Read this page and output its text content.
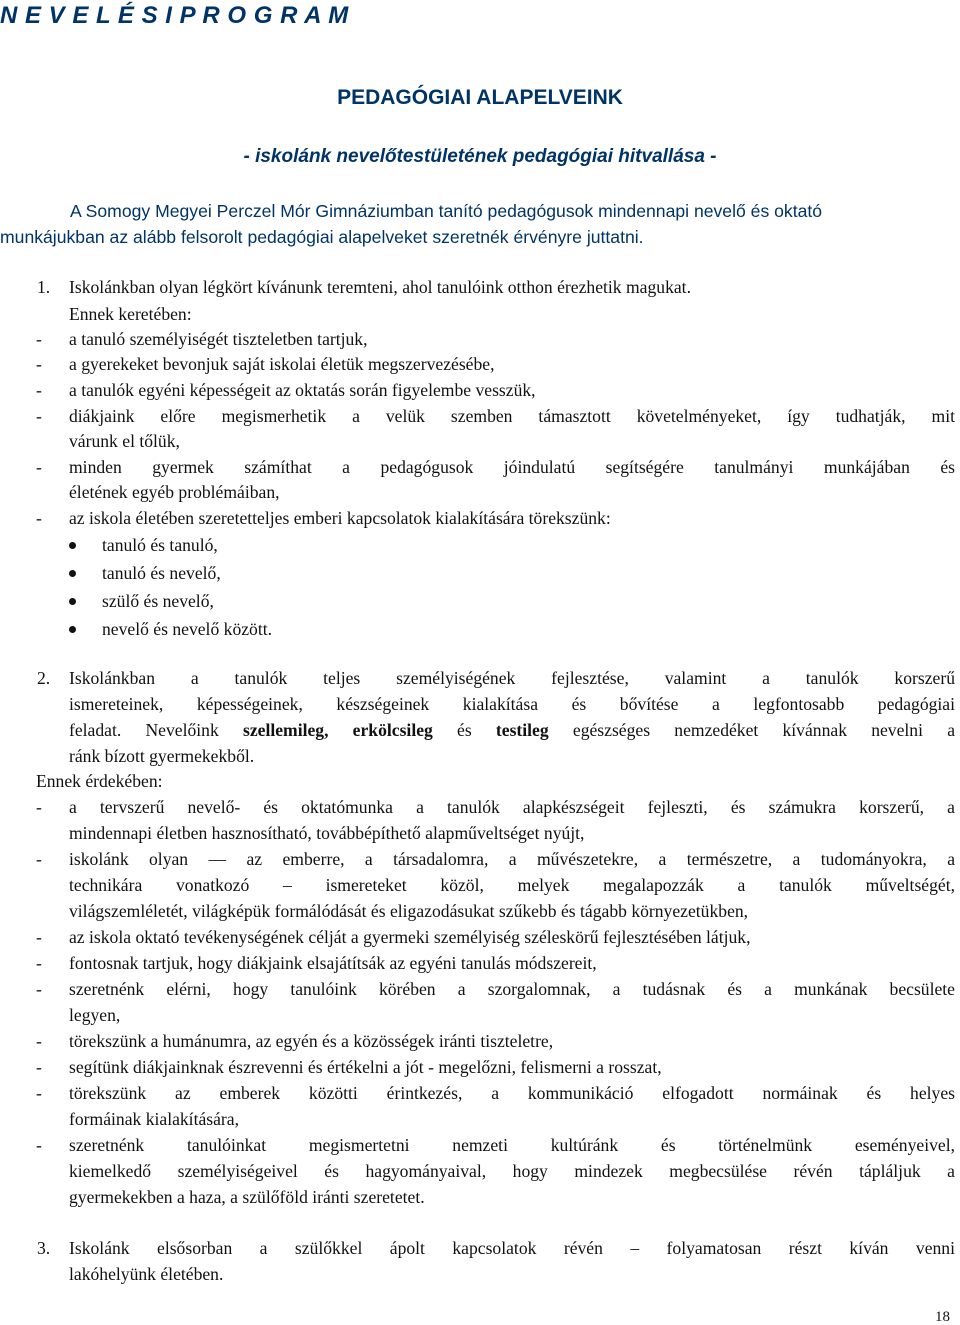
N E V E L É S I P R O G R A M
PEDAGÓGIAI ALAPELVEINK
- iskolánk nevelőtestületének pedagógiai hitvallása -
A Somogy Megyei Perczel Mór Gimnáziumban tanító pedagógusok mindennapi nevelő és oktató
munkájukban az alább felsorolt pedagógiai alapelveket szeretnék érvényre juttatni.
1. Iskolánkban olyan légkört kívánunk teremteni, ahol tanulóink otthon érezhetik magukat.
Ennek keretében:
- a tanuló személyiségét tiszteletben tartjuk,
- a gyerekeket bevonjuk saját iskolai életük megszervezésébe,
- a tanulók egyéni képességeit az oktatás során figyelembe vesszük,
- diákjaink előre megismerhetik a velük szemben támasztott követelményeket, így tudhatják, mit
várunk el tőlük,
- minden gyermek számíthat a pedagógusok jóindulatú segítségére tanulmányi munkájában és
életének egyéb problémáiban,
- az iskola életében szeretetteljes emberi kapcsolatok kialakítására törekszünk:
tanuló és tanuló,
tanuló és nevelő,
szülő és nevelő,
nevelő és nevelő között.
2. Iskolánkban a tanulók teljes személyiségének fejlesztése, valamint a tanulók korszerű
ismereteinek, képességeinek, készségeinek kialakítása és bővítése a legfontosabb pedagógiai
feladat. Nevelőink szellemileg, erkölcsileg és testileg egészséges nemzedéket kívánnak nevelni a
ránk bízott gyermekekből.
Ennek érdekében:
- a tervszerű nevelő- és oktatómunka a tanulók alapkészségeit fejleszti, és számukra korszerű, a
mindennapi életben hasznosítható, továbbépíthető alapműveltséget nyújt,
- iskolánk olyan — az emberre, a társadalomra, a művészetekre, a természetre, a tudományokra, a
technikára vonatkozó – ismereteket közöl, melyek megalapozzák a tanulók műveltségét,
világszemléletét, világképük formálódását és eligazodásukat szűkebb és tágabb környezetükben,
- az iskola oktató tevékenységének célját a gyermeki személyiség széleskörű fejlesztésében látjuk,
- fontosnak tartjuk, hogy diákjaink elsajátítsák az egyéni tanulás módszereit,
- szeretnénk elérni, hogy tanulóink körében a szorgalomnak, a tudásnak és a munkának becsülete
legyen,
- törekszünk a humánumra, az egyén és a közösségek iránti tiszteletre,
- segítünk diákjainknak észrevenni és értékelni a jót - megelőzni, felismerni a rosszat,
- törekszünk az emberek közötti érintkezés, a kommunikáció elfogadott normáinak és helyes
formáinak kialakítására,
- szeretnénk tanulóinkat megismertetni nemzeti kultúránk és történelmünk eseményeivel,
kiemelkedő személyiségeivel és hagyományaival, hogy mindezek megbecsülése révén tápláljuk a
gyermekekben a haza, a szülőföld iránti szeretetet.
3. Iskolánk elsősorban a szülőkkel ápolt kapcsolatok révén – folyamatosan részt kíván venni
lakóhelyünk életében.
18
